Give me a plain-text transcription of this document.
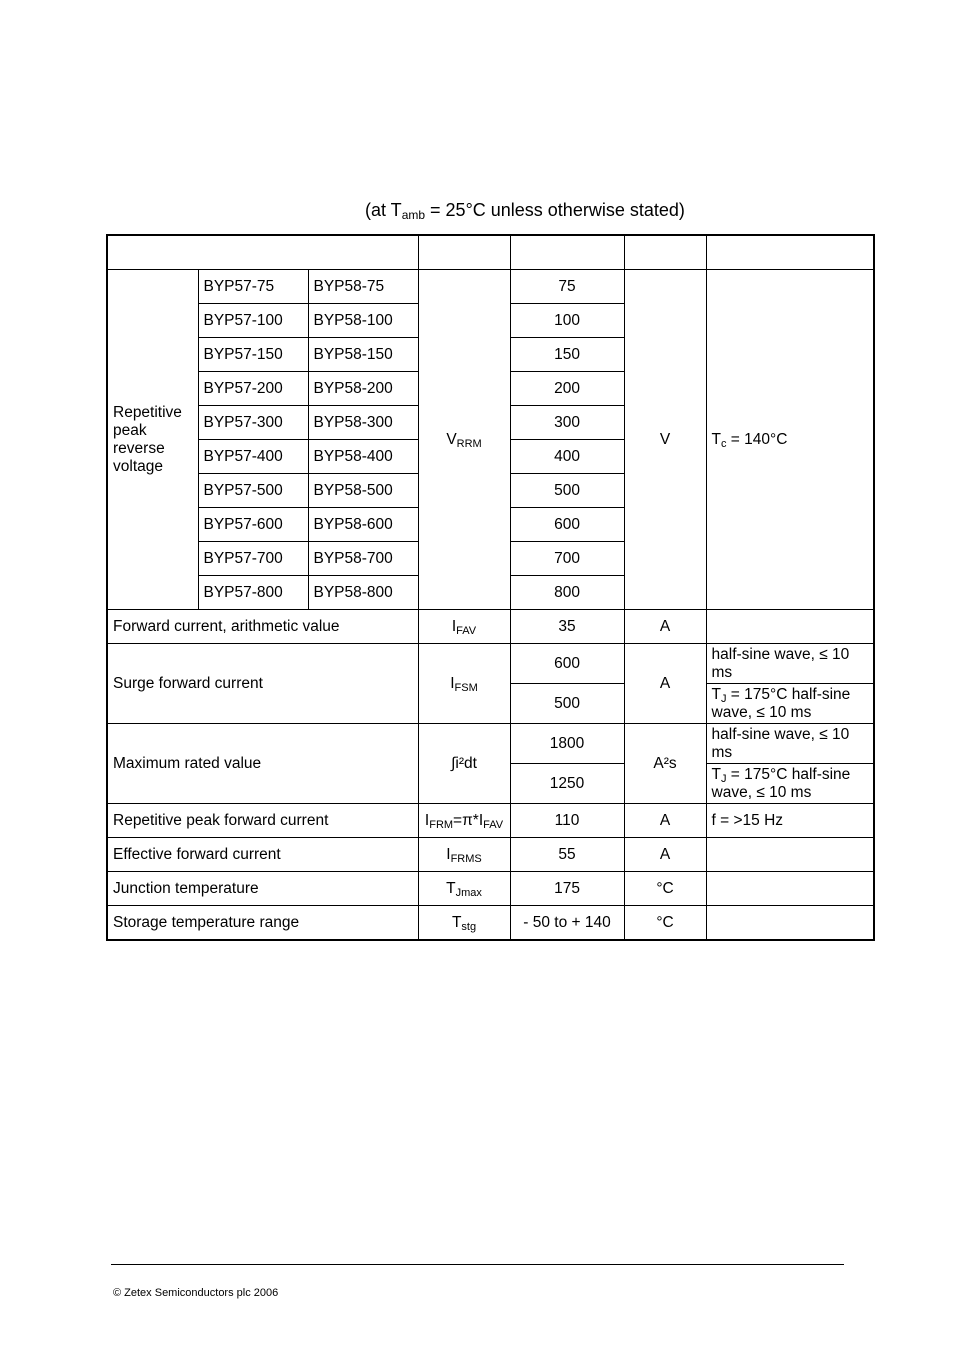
(at $T_{amb} = 25^\circ C$ unless otherwise stated)

Repetitive peak reverse voltage	BYP57-75	BYP58-75	$V_{RRM}$	75	V	$T_c = 140^\circ C$
	BYP57-100	BYP58-100		100		
	BYP57-150	BYP58-150		150		
	BYP57-200	BYP58-200		200		
	BYP57-300	BYP58-300		300		
	BYP57-400	BYP58-400		400		
	BYP57-500	BYP58-500		500		
	BYP57-600	BYP58-600		600		
	BYP57-700	BYP58-700		700		
	BYP57-800	BYP58-800		800		
Forward current, arithmetic value			$I_{FAV}$	35	A	
Surge forward current			$I_{FSM}$	600	A	half-sine wave, ≤ 10 ms
				500		$T_J = 175^\circ C$ half-sine wave, ≤ 10 ms
Maximum rated value			∫i²dt	1800	A²s	half-sine wave, ≤ 10 ms
				1250		$T_J = 175^\circ C$ half-sine wave, ≤ 10 ms
Repetitive peak forward current			$I_{FRM}=\pi*I_{FAV}$	110	A	f = >15 Hz
Effective forward current			$I_{FRMS}$	55	A	
Junction temperature			$T_{Jmax}$	175	°C	
Storage temperature range			$T_{stg}$	- 50 to + 140	°C	
© Zetex Semiconductors plc 2006
